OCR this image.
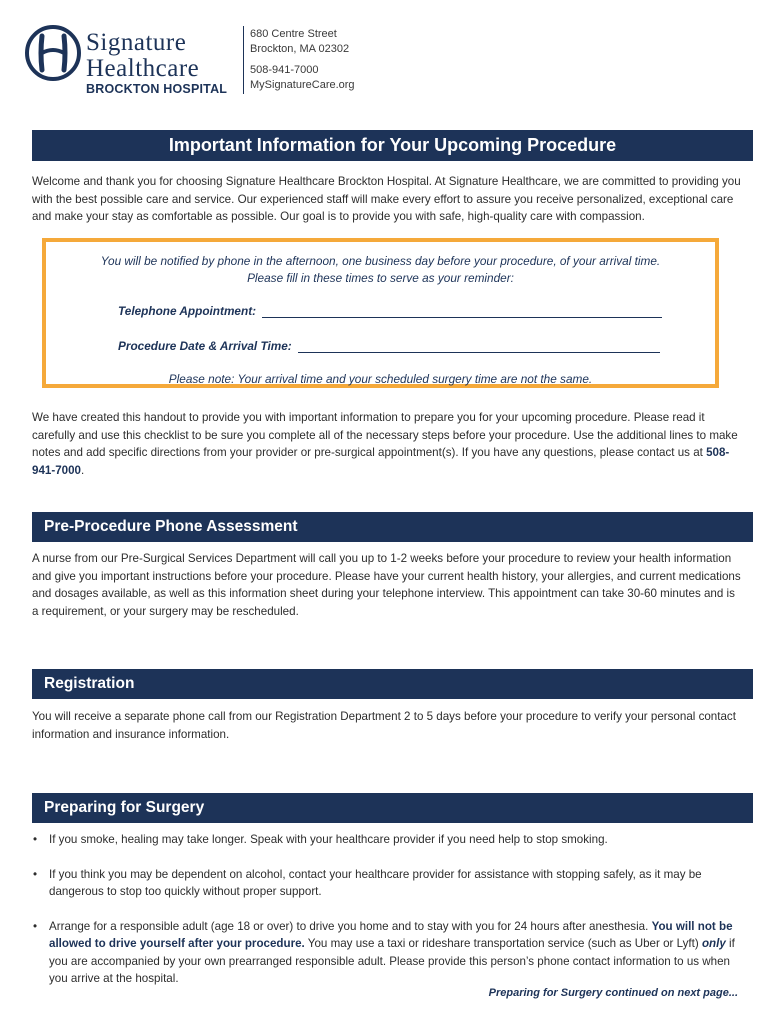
Signature
Healthcare
BROCKTON HOSPITAL
680 Centre Street
Brockton, MA 02302
508-941-7000
MySignatureCare.org
Important Information for Your Upcoming Procedure
Welcome and thank you for choosing Signature Healthcare Brockton Hospital. At Signature Healthcare, we are committed to providing you with the best possible care and service. Our experienced staff will make every effort to assure you receive personalized, exceptional care and make your stay as comfortable as possible. Our goal is to provide you with safe, high-quality care with compassion.
You will be notified by phone in the afternoon, one business day before your procedure, of your arrival time.
Please fill in these times to serve as your reminder:
Telephone Appointment:
Procedure Date & Arrival Time:
Please note: Your arrival time and your scheduled surgery time are not the same.
We have created this handout to provide you with important information to prepare you for your upcoming procedure. Please read it carefully and use this checklist to be sure you complete all of the necessary steps before your procedure. Use the additional lines to make notes and add specific directions from your provider or pre-surgical appointment(s). If you have any questions, please contact us at 508-941-7000.
Pre-Procedure Phone Assessment
A nurse from our Pre-Surgical Services Department will call you up to 1-2 weeks before your procedure to review your health information and give you important instructions before your procedure. Please have your current health history, your allergies, and current medications and dosages available, as well as this information sheet during your telephone interview. This appointment can take 30-60 minutes and is a requirement, or your surgery may be rescheduled.
Registration
You will receive a separate phone call from our Registration Department 2 to 5 days before your procedure to verify your personal contact information and insurance information.
Preparing for Surgery
• If you smoke, healing may take longer. Speak with your healthcare provider if you need help to stop smoking.
• If you think you may be dependent on alcohol, contact your healthcare provider for assistance with stopping safely, as it may be dangerous to stop too quickly without proper support.
• Arrange for a responsible adult (age 18 or over) to drive you home and to stay with you for 24 hours after anesthesia. You will not be allowed to drive yourself after your procedure. You may use a taxi or rideshare transportation service (such as Uber or Lyft) only if you are accompanied by your own prearranged responsible adult. Please provide this person’s phone contact information to us when you arrive at the hospital.
Preparing for Surgery continued on next page...
